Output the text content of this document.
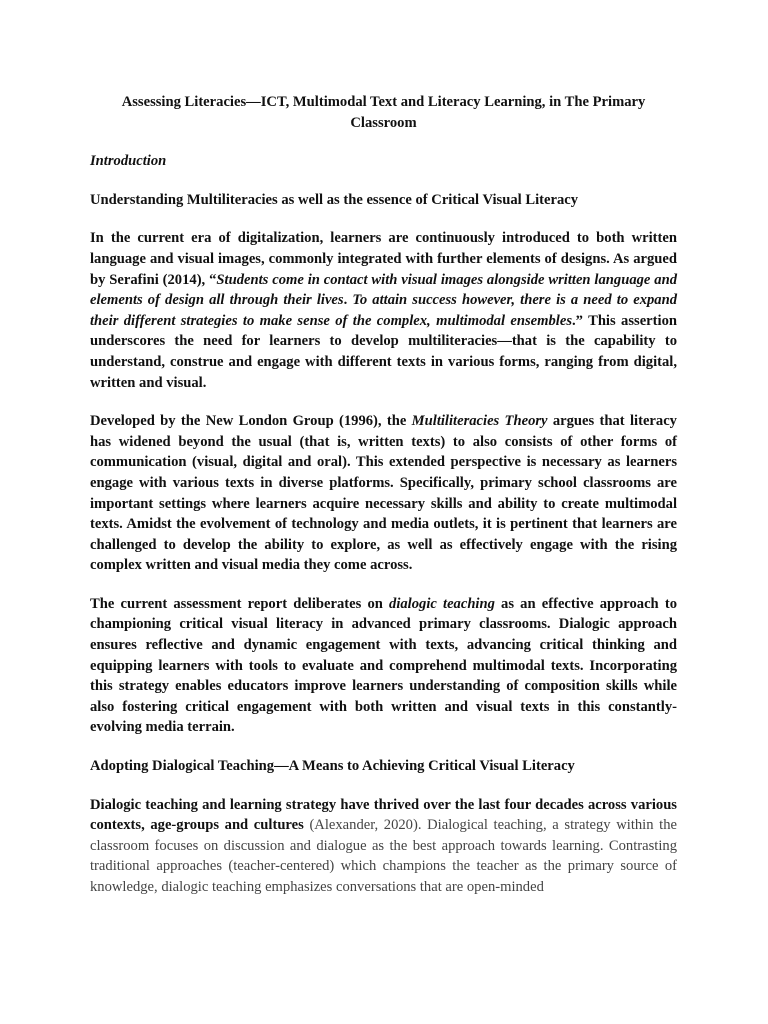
Assessing Literacies—ICT, Multimodal Text and Literacy Learning, in The Primary Classroom
Introduction
Understanding Multiliteracies as well as the essence of Critical Visual Literacy

In the current era of digitalization, learners are continuously introduced to both written language and visual images, commonly integrated with further elements of designs. As argued by Serafini (2014), “Students come in contact with visual images alongside written language and elements of design all through their lives. To attain success however, there is a need to expand their different strategies to make sense of the complex, multimodal ensembles.” This assertion underscores the need for learners to develop multiliteracies—that is the capability to understand, construe and engage with different texts in various forms, ranging from digital, written and visual.

Developed by the New London Group (1996), the Multiliteracies Theory argues that literacy has widened beyond the usual (that is, written texts) to also consists of other forms of communication (visual, digital and oral). This extended perspective is necessary as learners engage with various texts in diverse platforms. Specifically, primary school classrooms are important settings where learners acquire necessary skills and ability to create multimodal texts. Amidst the evolvement of technology and media outlets, it is pertinent that learners are challenged to develop the ability to explore, as well as effectively engage with the rising complex written and visual media they come across.

The current assessment report deliberates on dialogic teaching as an effective approach to championing critical visual literacy in advanced primary classrooms. Dialogic approach ensures reflective and dynamic engagement with texts, advancing critical thinking and equipping learners with tools to evaluate and comprehend multimodal texts. Incorporating this strategy enables educators improve learners understanding of composition skills while also fostering critical engagement with both written and visual texts in this constantly-evolving media terrain.

Adopting Dialogical Teaching—A Means to Achieving Critical Visual Literacy

Dialogic teaching and learning strategy have thrived over the last four decades across various contexts, age-groups and cultures (Alexander, 2020). Dialogical teaching, a strategy within the classroom focuses on discussion and dialogue as the best approach towards learning. Contrasting traditional approaches (teacher-centered) which champions the teacher as the primary source of knowledge, dialogic teaching emphasizes conversations that are open-minded
